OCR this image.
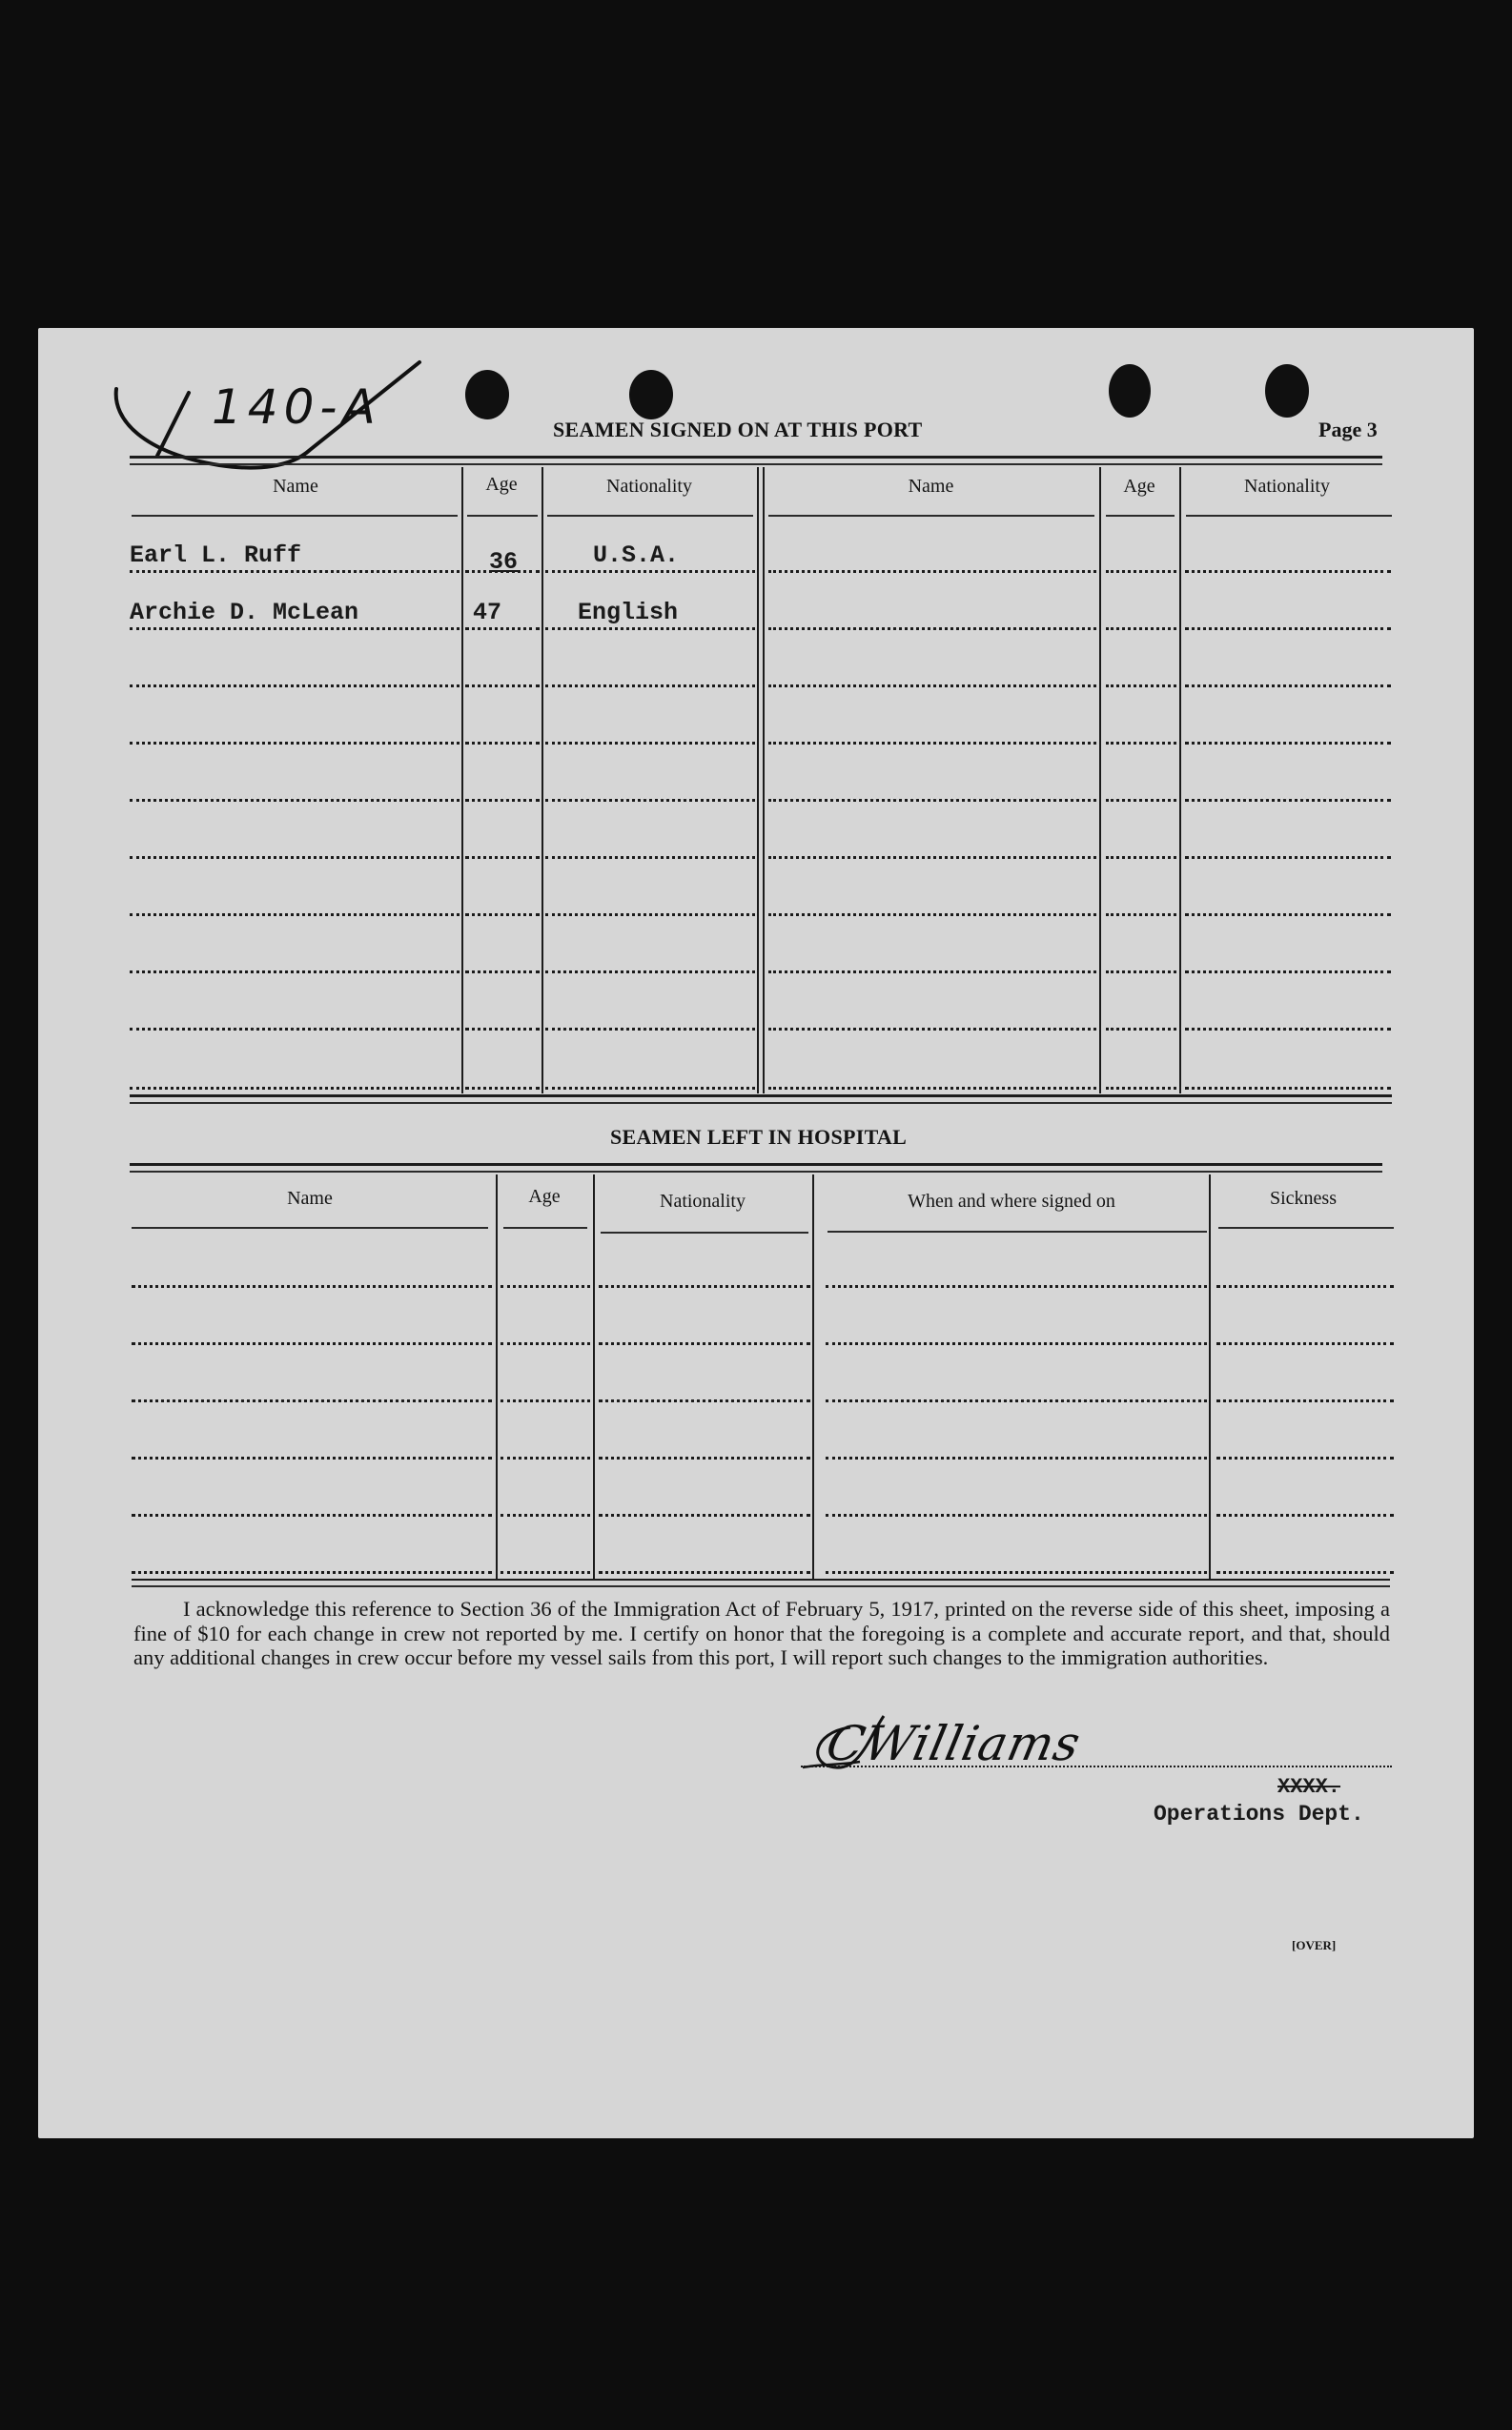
140-A	SEAMEN SIGNED ON AT THIS PORT	Page 3
Name	Age	Nationality	Name	Age	Nationality
Earl L. Ruff	36	U.S.A.
Archie D. McLean	47	English
SEAMEN LEFT IN HOSPITAL
Name	Age	Nationality	When and where signed on	Sickness
I acknowledge this reference to Section 36 of the Immigration Act of February 5, 1917, printed on the reverse side of this sheet, imposing a fine of $10 for each change in crew not reported by me. I certify on honor that the foregoing is a complete and accurate report, and that, should any additional changes in crew occur before my vessel sails from this port, I will report such changes to the immigration authorities.
CWilliams
XXXX.
Operations Dept.
[OVER]
